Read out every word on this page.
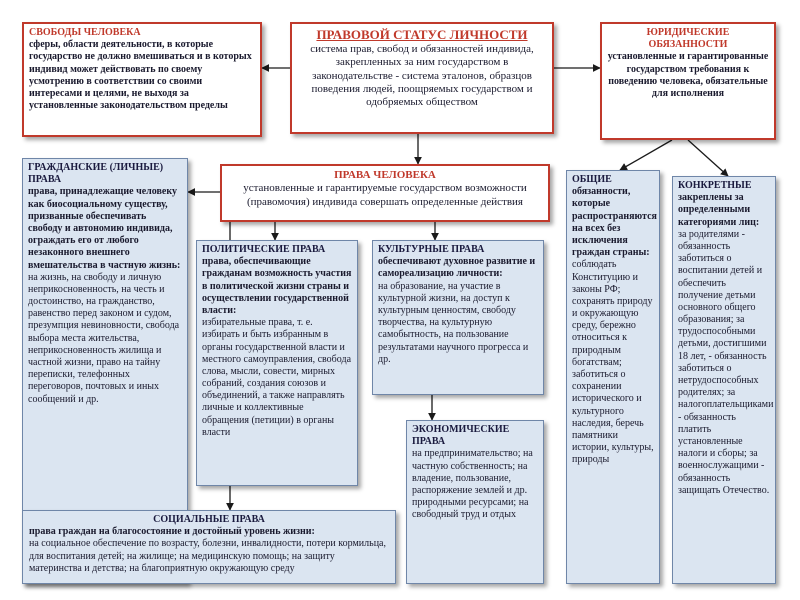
СВОБОДЫ ЧЕЛОВЕКА
сферы, области деятельности, в которые государство не должно вмешиваться и в которых индивид может действовать по своему усмотрению в соответствии со своими интересами и целями, не выходя за установленные законодательством пределы
ПРАВОВОЙ СТАТУС ЛИЧНОСТИ
система прав, свобод и обязанностей индивида, закрепленных за ним государством в законодательстве - система эталонов, образцов поведения людей, поощряемых государством и одобряемых обществом
ЮРИДИЧЕСКИЕ ОБЯЗАННОСТИ
установленные и гарантированные государством требования к поведению человека, обязательные для исполнения
ПРАВА ЧЕЛОВЕКА
установленные и гарантируемые государством возможности (правомочия) индивида совершать определенные действия
ГРАЖДАНСКИЕ (ЛИЧНЫЕ) ПРАВА
права, принадлежащие человеку как биосоциальному существу, призванные обеспечивать свободу и автономию индивида, ограждать его от любого незаконного внешнего вмешательства в частную жизнь:
на жизнь, на свободу и личную неприкосновенность, на честь и достоинство, на гражданство, равенство перед законом и судом, презумпция невиновности, свобода выбора места жительства, неприкосновенность жилища и частной жизни, право на тайну переписки, телефонных переговоров, почтовых и иных сообщений и др.
ПОЛИТИЧЕСКИЕ ПРАВА
права, обеспечивающие гражданам возможность участия в политической жизни страны и осуществлении государственной власти:
избирательные права, т. е. избирать и быть избранным в органы государственной власти и местного самоуправления, свобода слова, мысли, совести, мирных собраний, создания союзов и объединений, а также направлять личные и коллективные обращения (петиции) в органы власти
КУЛЬТУРНЫЕ ПРАВА
обеспечивают духовное развитие и самореализацию личности:
на образование, на участие в культурной жизни, на доступ к культурным ценностям, свободу творчества, на культурную самобытность, на пользование результатами научного прогресса и др.
ЭКОНОМИЧЕСКИЕ ПРАВА
на предпринимательство; на частную собственность; на владение, пользование, распоряжение землей и др. природными ресурсами; на свободный труд и отдых
СОЦИАЛЬНЫЕ ПРАВА
права граждан на благосостояние и достойный уровень жизни:
на социальное обеспечение по возрасту, болезни, инвалидности, потери кормильца, для воспитания детей; на жилище; на медицинскую помощь; на защиту материнства и детства; на благоприятную окружающую среду
ОБЩИЕ
обязанности, которые распространяются на всех без исключения граждан страны:
соблюдать Конституцию и законы РФ; сохранять природу и окружающую среду, бережно относиться к природным богатствам; заботиться о сохранении исторического и культурного наследия, беречь памятники истории, культуры, природы
КОНКРЕТНЫЕ
закреплены за определенными категориями лиц:
за родителями - обязанность заботиться о воспитании детей и обеспечить получение детьми основного общего образования; за трудоспособными детьми, достигшими 18 лет, - обязанность заботиться о нетрудоспособных родителях; за налогоплательщиками - обязанность платить установленные налоги и сборы; за военнослужащими - обязанность защищать Отечество.
